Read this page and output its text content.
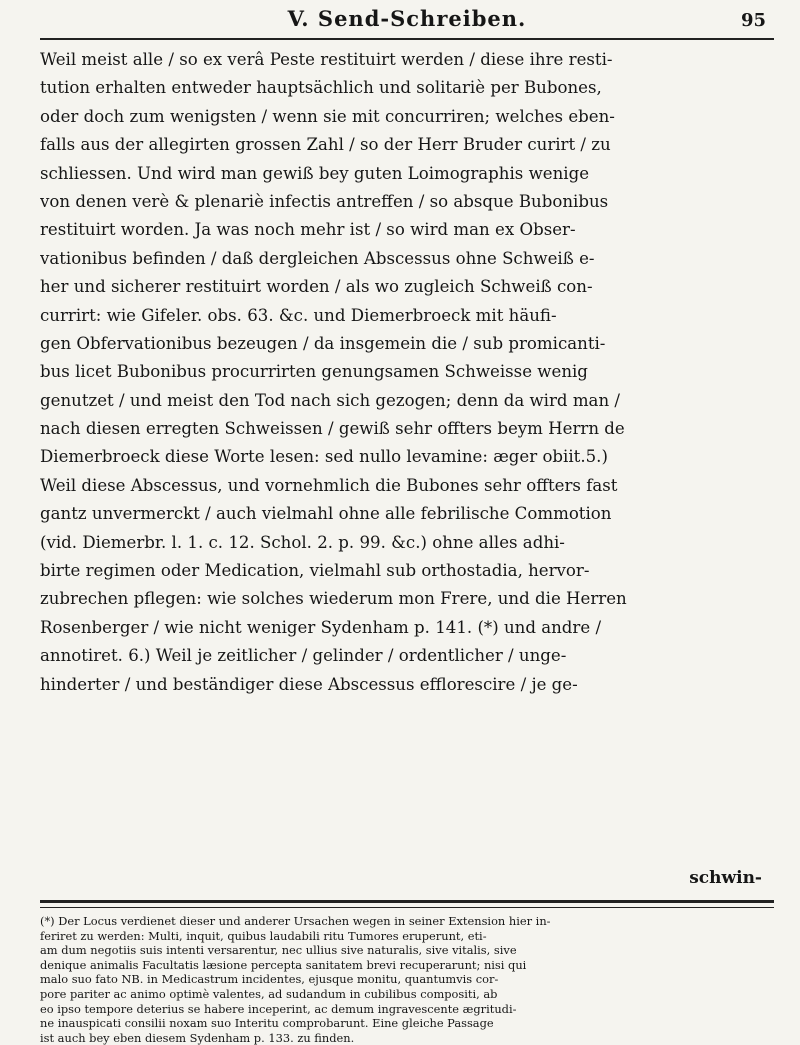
V. Send-Schreiben.	95
Weil meist alle / so ex verâ Peste restituirt werden / diese ihre resti-
tution erhalten entweder hauptsächlich und solitariè per Bubones,
oder doch zum wenigsten / wenn sie mit concurriren; welches eben-
falls aus der allegirten grossen Zahl / so der Herr Bruder curirt / zu
schliessen. Und wird man gewiß bey guten Loimographis wenige
von denen verè & plenariè infectis antreffen / so absque Bubonibus
restituirt worden. Ja was noch mehr ist / so wird man ex Obser-
vationibus befinden / daß dergleichen Abscessus ohne Schweiß e-
her und sicherer restituirt worden / als wo zugleich Schweiß con-
currirt: wie Gifeler. obs. 63. &c. und Diemerbroeck mit häufi-
gen Obfervationibus bezeugen / da insgemein die / sub promicanti-
bus licet Bubonibus procurrirten genungsamen Schweisse wenig
genutzet / und meist den Tod nach sich gezogen; denn da wird man /
nach diesen erregten Schweissen / gewiß sehr offters beym Herrn de
Diemerbroeck diese Worte lesen: sed nullo levamine: æger obiit.5.)
Weil diese Abscessus, und vornehmlich die Bubones sehr offters fast
gantz unvermerckt / auch vielmahl ohne alle febrilische Commotion
(vid. Diemerbr. l. 1. c. 12. Schol. 2. p. 99. &c.) ohne alles adhi-
birte regimen oder Medication, vielmahl sub orthostadia, hervor-
zubrechen pflegen: wie solches wiederum mon Frere, und die Herren
Rosenberger / wie nicht weniger Sydenham p. 141. (*) und andre /
annotiret. 6.) Weil je zeitlicher / gelinder / ordentlicher / unge-
hinderter / und beständiger diese Abscessus efflorescire / je ge-
schwin-
(*) Der Locus verdienet dieser und anderer Ursachen wegen in seiner Extension hier in-
feriret zu werden: Multi, inquit, quibus laudabili ritu Tumores eruperunt, eti-
am dum negotiis suis intenti versarentur, nec ullius sive naturalis, sive vitalis, sive
denique animalis Facultatis læsione percepta sanitatem brevi recuperarunt; nisi qui
malo suo fato NB. in Medicastrum incidentes, ejusque monitu, quantumvis cor-
pore pariter ac animo optimè valentes, ad sudandum in cubilibus compositi, ab
eo ipso tempore deterius se habere inceperint, ac demum ingravescente ægritudi-
ne inauspicati consilii noxam suo Interitu comprobarunt. Eine gleiche Passage
ist auch bey eben diesem Sydenham p. 133. zu finden.
